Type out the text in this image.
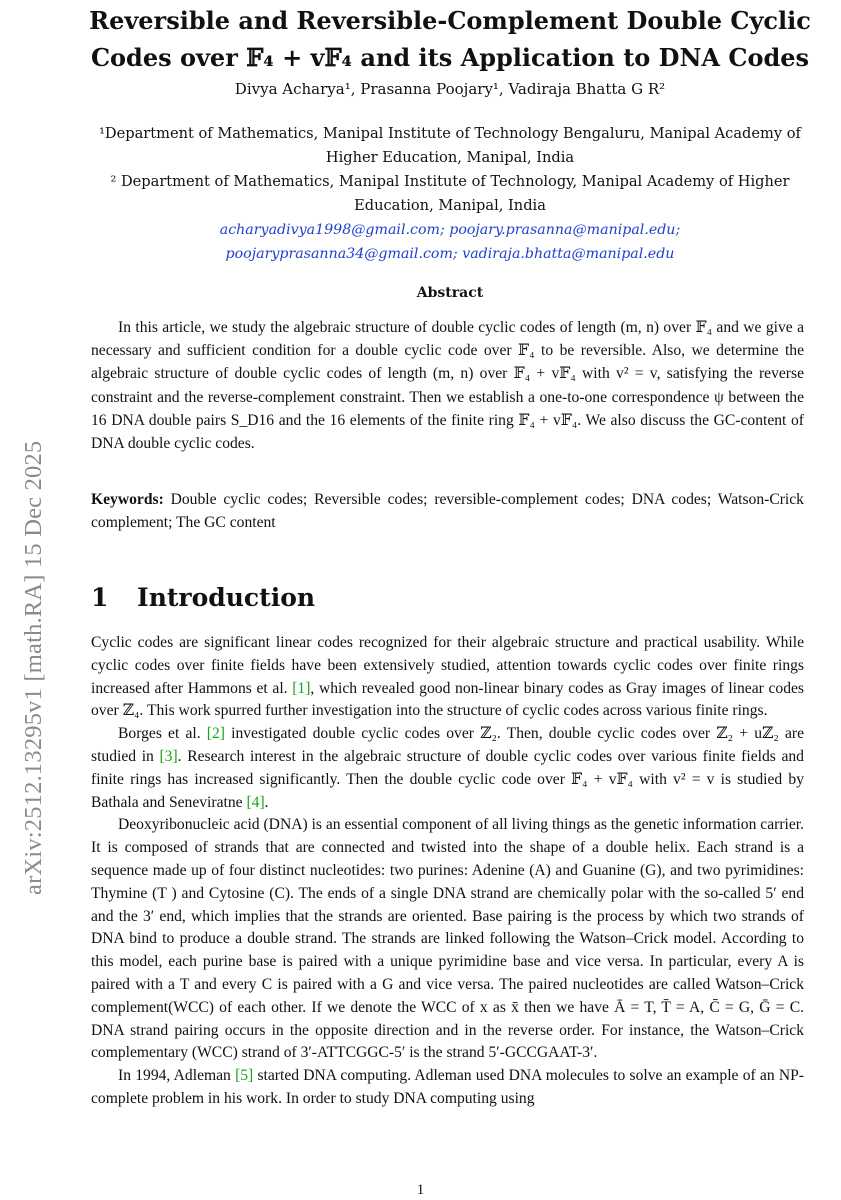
arXiv:2512.13295v1 [math.RA] 15 Dec 2025
Reversible and Reversible-Complement Double Cyclic
Codes over 𝔽₄ + v𝔽₄ and its Application to DNA Codes
Divya Acharya¹, Prasanna Poojary¹, Vadiraja Bhatta G R²
¹Department of Mathematics, Manipal Institute of Technology Bengaluru, Manipal Academy of
Higher Education, Manipal, India
² Department of Mathematics, Manipal Institute of Technology, Manipal Academy of Higher
Education, Manipal, India
acharyadivya1998@gmail.com; poojary.prasanna@manipal.edu;
poojaryprasanna34@gmail.com; vadiraja.bhatta@manipal.edu
Abstract
In this article, we study the algebraic structure of double cyclic codes of length (m, n) over 𝔽₄ and we give a necessary and sufficient condition for a double cyclic code over 𝔽₄ to be reversible. Also, we determine the algebraic structure of double cyclic codes of length (m, n) over 𝔽₄ + v𝔽₄ with v² = v, satisfying the reverse constraint and the reverse-complement constraint. Then we establish a one-to-one correspondence ψ between the 16 DNA double pairs S_D16 and the 16 elements of the finite ring 𝔽₄ + v𝔽₄. We also discuss the GC-content of DNA double cyclic codes.
Keywords: Double cyclic codes; Reversible codes; reversible-complement codes; DNA codes; Watson-Crick complement; The GC content
1 Introduction

Cyclic codes are significant linear codes recognized for their algebraic structure and practical usability. While cyclic codes over finite fields have been extensively studied, attention towards cyclic codes over finite rings increased after Hammons et al. [1], which revealed good non-linear binary codes as Gray images of linear codes over ℤ₄. This work spurred further investigation into the structure of cyclic codes across various finite rings.

Borges et al. [2] investigated double cyclic codes over ℤ₂. Then, double cyclic codes over ℤ₂ + uℤ₂ are studied in [3]. Research interest in the algebraic structure of double cyclic codes over various finite fields and finite rings has increased significantly. Then the double cyclic code over 𝔽₄ + v𝔽₄ with v² = v is studied by Bathala and Seneviratne [4].

Deoxyribonucleic acid (DNA) is an essential component of all living things as the genetic information carrier. It is composed of strands that are connected and twisted into the shape of a double helix. Each strand is a sequence made up of four distinct nucleotides: two purines: Adenine (A) and Guanine (G), and two pyrimidines: Thymine (T ) and Cytosine (C). The ends of a single DNA strand are chemically polar with the so-called 5′ end and the 3′ end, which implies that the strands are oriented. Base pairing is the process by which two strands of DNA bind to produce a double strand. The strands are linked following the Watson–Crick model. According to this model, each purine base is paired with a unique pyrimidine base and vice versa. In particular, every A is paired with a T and every C is paired with a G and vice versa. The paired nucleotides are called Watson–Crick complement(WCC) of each other. If we denote the WCC of x as x̄ then we have Ā = T, T̄ = A, C̄ = G, Ḡ = C. DNA strand pairing occurs in the opposite direction and in the reverse order. For instance, the Watson–Crick complementary (WCC) strand of 3′-ATTCGGC-5′ is the strand 5′-GCCGAAT-3′.

In 1994, Adleman [5] started DNA computing. Adleman used DNA molecules to solve an example of an NP-complete problem in his work. In order to study DNA computing using

1
